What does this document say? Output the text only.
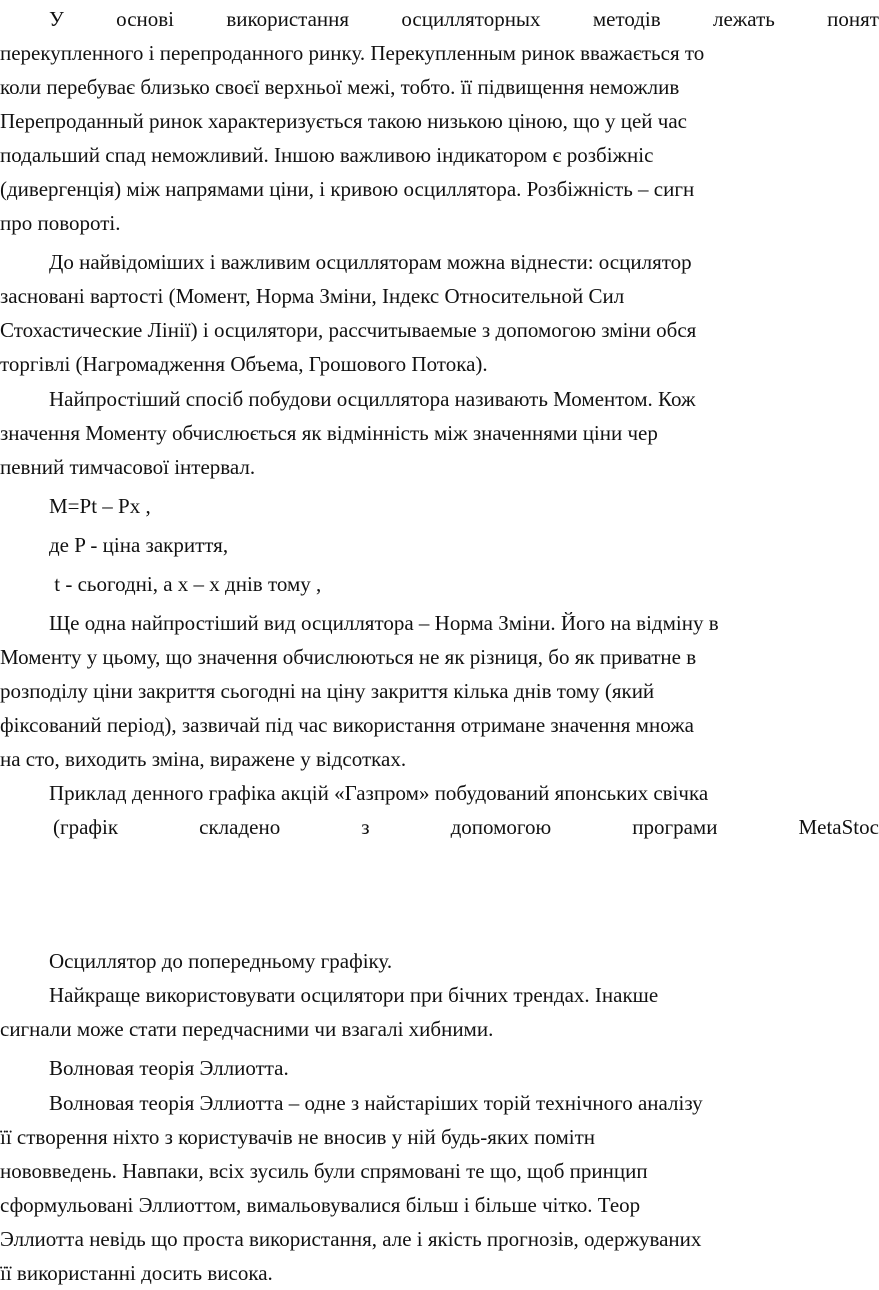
У основі використання осцилляторных методів лежать понят
перекупленного і перепроданного ринку. Перекупленным ринок вважається то
коли перебуває близько своєї верхньої межі, тобто. її підвищення неможлив
Перепроданный ринок характеризується такою низькою ціною, що у цей час
подальший спад неможливий. Іншою важливою індикатором є розбіжніс
(дивергенція) між напрямами ціни, і кривою осциллятора. Розбіжність – сигн
про повороті.
До найвідоміших і важливим осцилляторам можна віднести: осцилятор
засновані вартості (Момент, Норма Зміни, Індекс Относительной Сил
Стохастические Лінії) і осцилятори, рассчитываемые з допомогою зміни обся
торгівлі (Нагромадження Объема, Грошового Потока).
Найпростіший спосіб побудови осциллятора називають Моментом. Кож
значення Моменту обчислюється як відмінність між значеннями ціни чер
певний тимчасової інтервал.
M=Pt – Px ,
де P - ціна закриття,
t - сьогодні, а x – x днів тому ,
Ще одна найпростіший вид осциллятора – Норма Зміни. Його на відміну в
Моменту у цьому, що значення обчислюються не як різниця, бо як приватне в
розподілу ціни закриття сьогодні на ціну закриття кілька днів тому (який
фіксований період), зазвичай під час використання отримане значення множа
на сто, виходить зміна, виражене у відсотках.
Приклад денного графіка акцій «Газпром» побудований японських свічка
(графік	складено	з	допомогою	програми	MetaStoc
Осциллятор до попередньому графіку.
Найкраще використовувати осцилятори при бічних трендах. Інакше
сигнали може стати передчасними чи взагалі хибними.
Волновая теорія Эллиотта.
Волновая теорія Эллиотта – одне з найстаріших торій технічного аналізу
її створення ніхто з користувачів не вносив у ній будь-яких помітн
нововведень. Навпаки, всіх зусиль були спрямовані те що, щоб принцип
сформульовані Эллиоттом, вимальовувалися більш і більше чітко. Теор
Эллиотта невідь що проста використання, але і якість прогнозів, одержуваних
її використанні досить висока.
